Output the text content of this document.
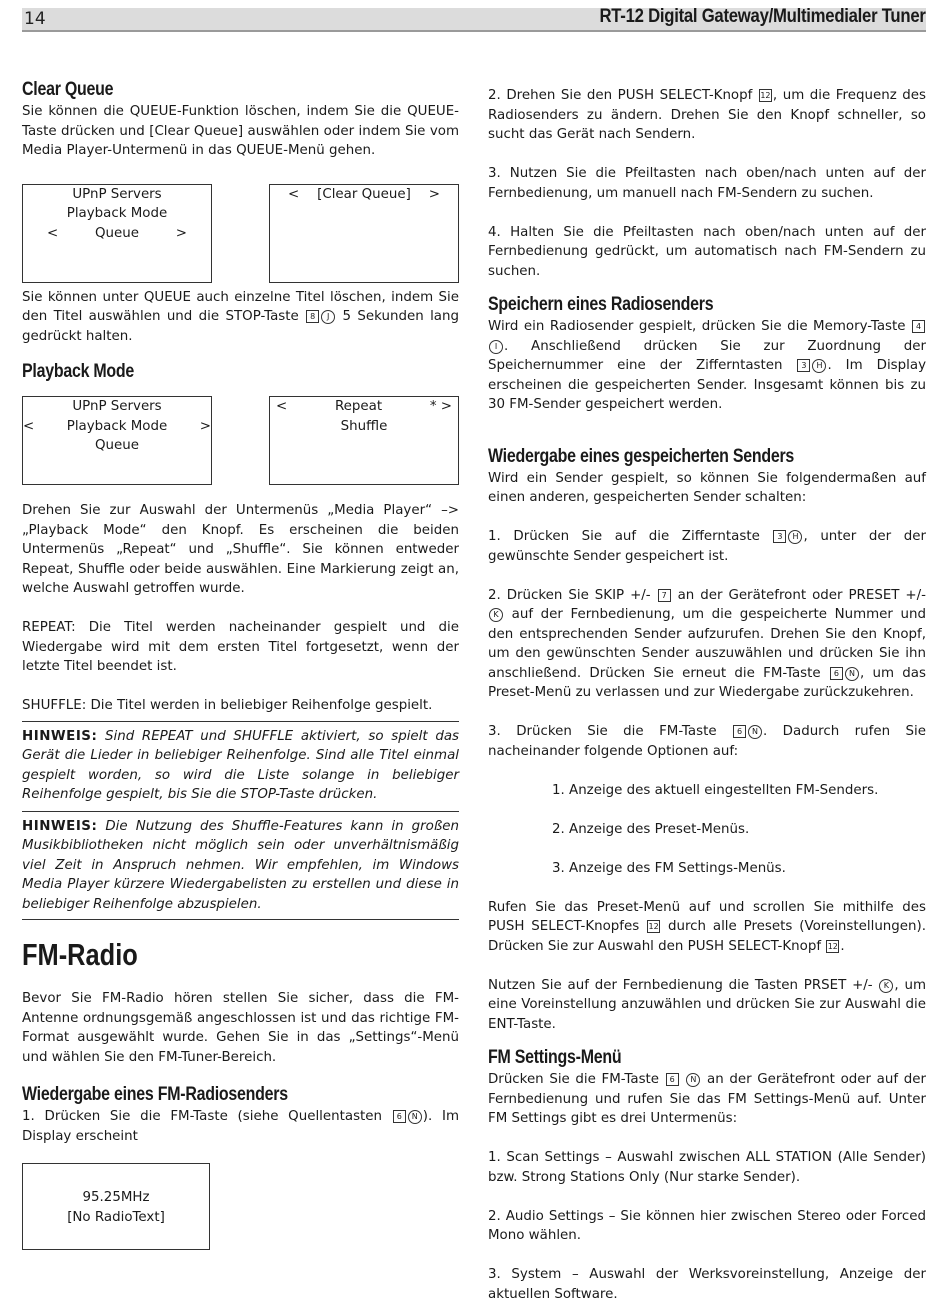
14	RT-12 Digital Gateway/Multimedialer Tuner
Clear Queue

Sie können die QUEUE-Funktion löschen, indem Sie die QUEUE-Taste drücken und [Clear Queue] auswählen oder indem Sie vom Media Player-Untermenü in das QUEUE-Menü gehen.

UPnP Servers
Playback Mode
<	Queue	>
< [Clear Queue] >

Sie können unter QUEUE auch einzelne Titel löschen, indem Sie den Titel auswählen und die STOP-Taste 8 J 5 Sekunden lang gedrückt halten.

Playback Mode
UPnP Servers
< Playback Mode >
Queue
<	Repeat	* >
Shuffle

Drehen Sie zur Auswahl der Untermenüs „Media Player“ –> „Playback Mode“ den Knopf. Es erscheinen die beiden Untermenüs „Repeat“ und „Shuffle“. Sie können entweder Repeat, Shuffle oder beide auswählen. Eine Markierung zeigt an, welche Auswahl getroffen wurde.

REPEAT: Die Titel werden nacheinander gespielt und die Wiedergabe wird mit dem ersten Titel fortgesetzt, wenn der letzte Titel beendet ist.

SHUFFLE: Die Titel werden in beliebiger Reihenfolge gespielt.

HINWEIS: Sind REPEAT und SHUFFLE aktiviert, so spielt das Gerät die Lieder in beliebiger Reihenfolge. Sind alle Titel einmal gespielt worden, so wird die Liste solange in beliebiger Reihenfolge gespielt, bis Sie die STOP-Taste drücken.

HINWEIS: Die Nutzung des Shuffle-Features kann in großen Musikbibliotheken nicht möglich sein oder unverhältnismäßig viel Zeit in Anspruch nehmen. Wir empfehlen, im Windows Media Player kürzere Wiedergabelisten zu erstellen und diese in beliebiger Reihenfolge abzuspielen.

FM-Radio

Bevor Sie FM-Radio hören stellen Sie sicher, dass die FM-Antenne ordnungsgemäß angeschlossen ist und das richtige FM-Format ausgewählt wurde. Gehen Sie in das „Settings“-Menü und wählen Sie den FM-Tuner-Bereich.

Wiedergabe eines FM-Radiosenders

1. Drücken Sie die FM-Taste (siehe Quellentasten 6 N ). Im Display erscheint

95.25MHz
[No RadioText]

2. Drehen Sie den PUSH SELECT-Knopf 12 , um die Frequenz des Radiosenders zu ändern. Drehen Sie den Knopf schneller, so sucht das Gerät nach Sendern.

3. Nutzen Sie die Pfeiltasten nach oben/nach unten auf der Fernbedienung, um manuell nach FM-Sendern zu suchen.

4. Halten Sie die Pfeiltasten nach oben/nach unten auf der Fernbedienung gedrückt, um automatisch nach FM-Sendern zu suchen.

Speichern eines Radiosenders

Wird ein Radiosender gespielt, drücken Sie die Memory-Taste 4I . Anschließend drücken Sie zur Zuordnung der Speichernummer eine der Zifferntasten 3 H . Im Display erscheinen die gespeicherten Sender. Insgesamt können bis zu 30 FM-Sender gespeichert werden.

Wiedergabe eines gespeicherten Senders

Wird ein Sender gespielt, so können Sie folgendermaßen auf einen anderen, gespeicherten Sender schalten:

1. Drücken Sie auf die Zifferntaste 3 H , unter der der gewünschte Sender gespeichert ist.

2. Drücken Sie SKIP +/- 7 an der Gerätefront oder PRESET +/- K auf der Fernbedienung, um die gespeicherte Nummer und den entsprechenden Sender aufzurufen. Drehen Sie den Knopf, um den gewünschten Sender auszuwählen und drücken Sie ihn anschließend. Drücken Sie erneut die FM-Taste 6 N , um das Preset-Menü zu verlassen und zur Wiedergabe zurückzukehren.

3. Drücken Sie die FM-Taste	6 N . Dadurch rufen Sie nacheinander folgende Optionen auf:

1. Anzeige des aktuell eingestellten FM-Senders.

2. Anzeige des Preset-Menüs.

3. Anzeige des FM Settings-Menüs.

Rufen Sie das Preset-Menü auf und scrollen Sie mithilfe des PUSH SELECT-Knopfes 12 durch alle Presets (Voreinstellungen). Drücken Sie zur Auswahl den PUSH SELECT-Knopf 12 .

Nutzen Sie auf der Fernbedienung die Tasten PRSET +/- K , um eine Voreinstellung anzuwählen und drücken Sie zur Auswahl die ENT-Taste.

FM Settings-Menü

Drücken Sie die FM-Taste 6 N an der Gerätefront oder auf der Fernbedienung und rufen Sie das FM Settings-Menü auf. Unter FM Settings gibt es drei Untermenüs:

1. Scan Settings – Auswahl zwischen ALL STATION (Alle Sender) bzw. Strong Stations Only (Nur starke Sender).

2. Audio Settings – Sie können hier zwischen Stereo oder Forced Mono wählen.

3. System – Auswahl der Werksvoreinstellung, Anzeige der aktuellen Software.
